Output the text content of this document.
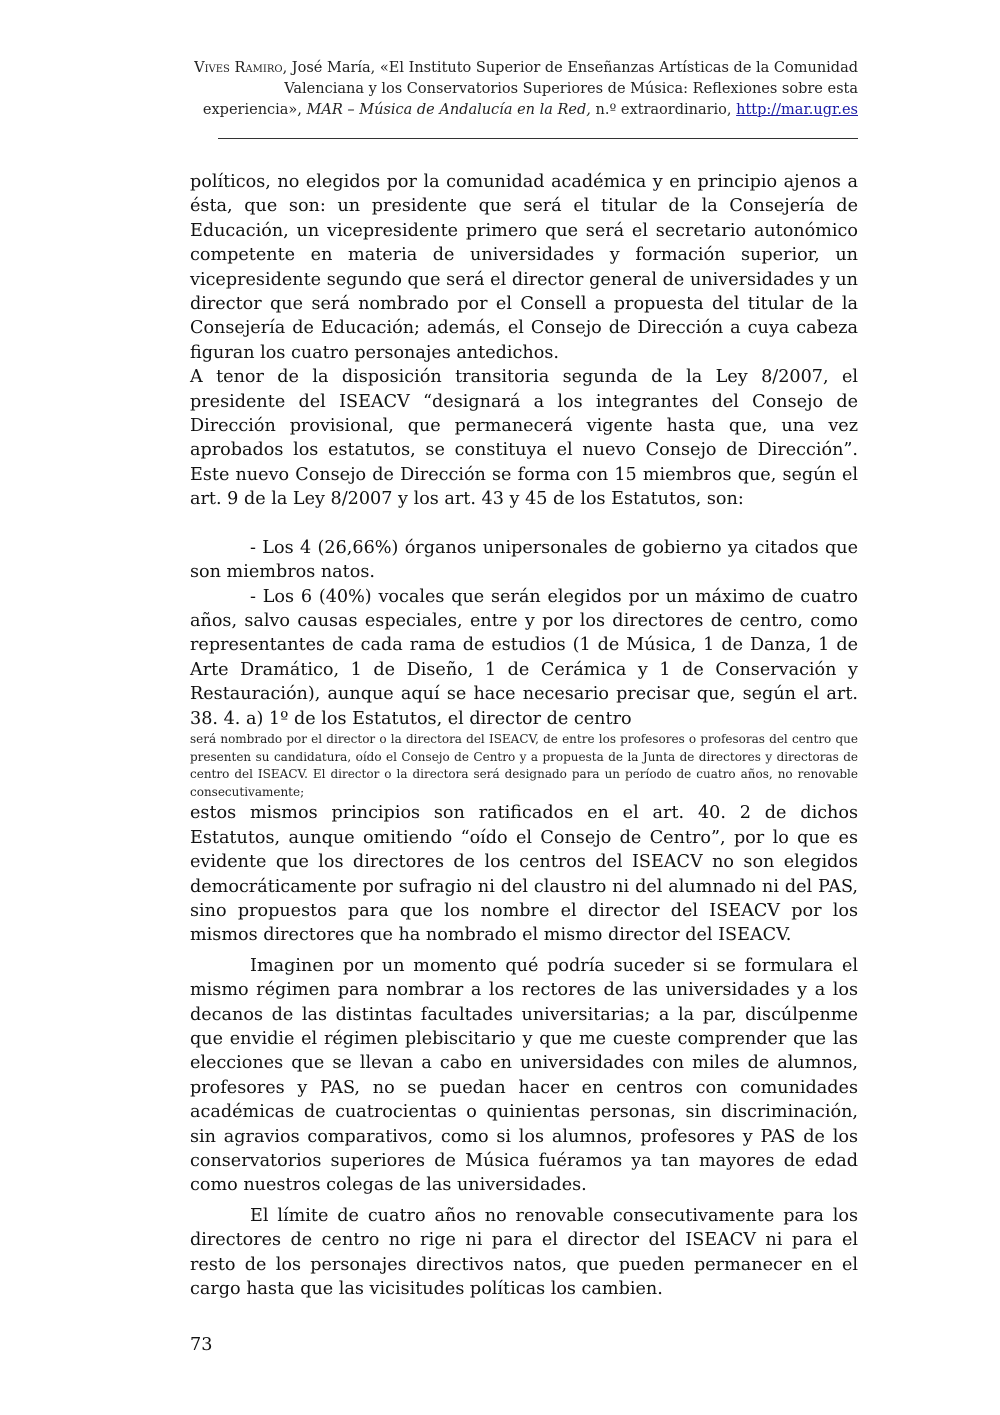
Vives Ramiro, José María, «El Instituto Superior de Enseñanzas Artísticas de la Comunidad Valenciana y los Conservatorios Superiores de Música: Reflexiones sobre esta experiencia», MAR – Música de Andalucía en la Red, n.º extraordinario, http://mar.ugr.es

políticos, no elegidos por la comunidad académica y en principio ajenos a ésta, que son: un presidente que será el titular de la Consejería de Educación, un vicepresidente primero que será el secretario autonómico competente en materia de universidades y formación superior, un vicepresidente segundo que será el director general de universidades y un director que será nombrado por el Consell a propuesta del titular de la Consejería de Educación; además, el Consejo de Dirección a cuya cabeza figuran los cuatro personajes antedichos.

A tenor de la disposición transitoria segunda de la Ley 8/2007, el presidente del ISEACV “designará a los integrantes del Consejo de Dirección provisional, que permanecerá vigente hasta que, una vez aprobados los estatutos, se constituya el nuevo Consejo de Dirección”. Este nuevo Consejo de Dirección se forma con 15 miembros que, según el art. 9 de la Ley 8/2007 y los art. 43 y 45 de los Estatutos, son:

- Los 4 (26,66%) órganos unipersonales de gobierno ya citados que son miembros natos.

- Los 6 (40%) vocales que serán elegidos por un máximo de cuatro años, salvo causas especiales, entre y por los directores de centro, como representantes de cada rama de estudios (1 de Música, 1 de Danza, 1 de Arte Dramático, 1 de Diseño, 1 de Cerámica y 1 de Conservación y Restauración), aunque aquí se hace necesario precisar que, según el art. 38. 4. a) 1º de los Estatutos, el director de centro

será nombrado por el director o la directora del ISEACV, de entre los profesores o profesoras del centro que presenten su candidatura, oído el Consejo de Centro y a propuesta de la Junta de directores y directoras de centro del ISEACV. El director o la directora será designado para un período de cuatro años, no renovable consecutivamente;

estos mismos principios son ratificados en el art. 40. 2 de dichos Estatutos, aunque omitiendo “oído el Consejo de Centro”, por lo que es evidente que los directores de los centros del ISEACV no son elegidos democráticamente por sufragio ni del claustro ni del alumnado ni del PAS, sino propuestos para que los nombre el director del ISEACV por los mismos directores que ha nombrado el mismo director del ISEACV.

Imaginen por un momento qué podría suceder si se formulara el mismo régimen para nombrar a los rectores de las universidades y a los decanos de las distintas facultades universitarias; a la par, discúlpenme que envidie el régimen plebiscitario y que me cueste comprender que las elecciones que se llevan a cabo en universidades con miles de alumnos, profesores y PAS, no se puedan hacer en centros con comunidades académicas de cuatrocientas o quinientas personas, sin discriminación, sin agravios comparativos, como si los alumnos, profesores y PAS de los conservatorios superiores de Música fuéramos ya tan mayores de edad como nuestros colegas de las universidades.

El límite de cuatro años no renovable consecutivamente para los directores de centro no rige ni para el director del ISEACV ni para el resto de los personajes directivos natos, que pueden permanecer en el cargo hasta que las vicisitudes políticas los cambien.

73
